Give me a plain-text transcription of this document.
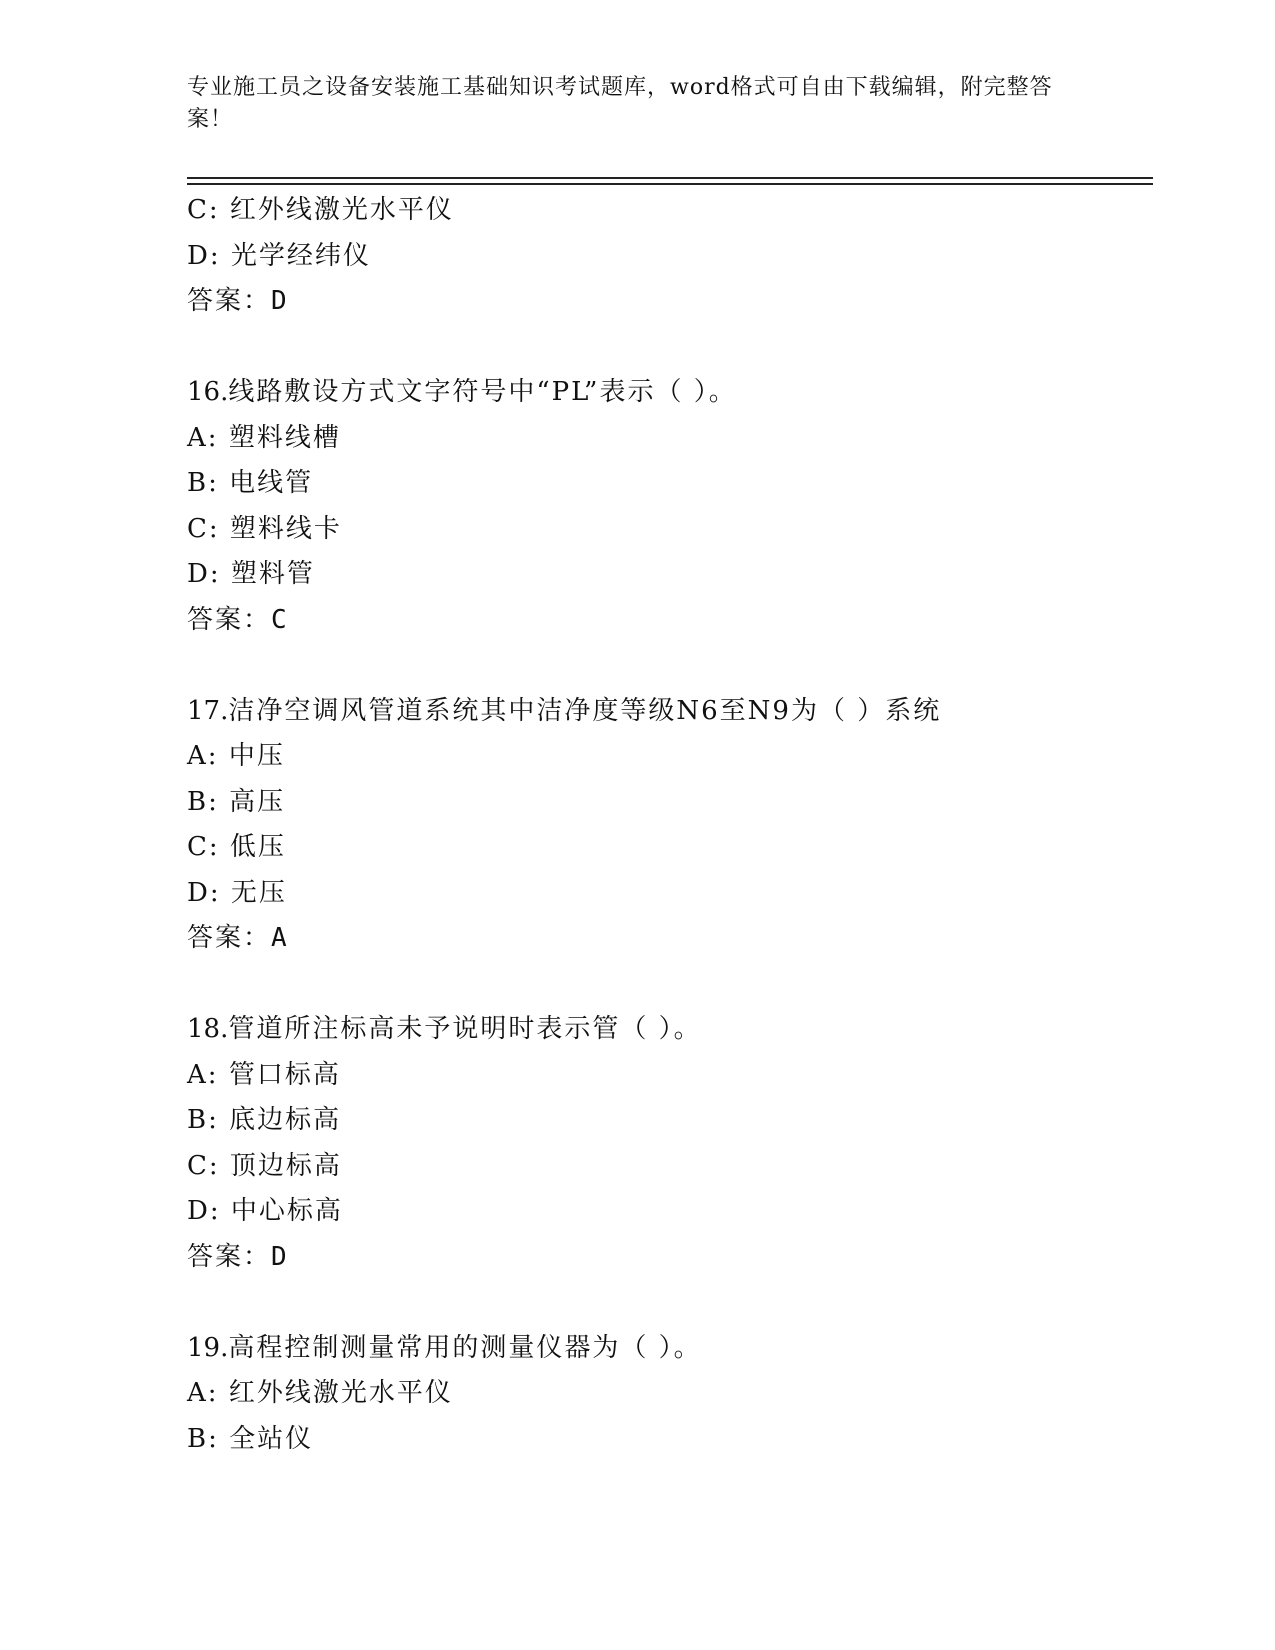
专业施工员之设备安装施工基础知识考试题库，word格式可自由下载编辑，附完整答案！
C: 红外线激光水平仪
D: 光学经纬仪
答案：D
16.线路敷设方式文字符号中“PL”表示（ ）。
A: 塑料线槽
B: 电线管
C: 塑料线卡
D: 塑料管
答案：C
17.洁净空调风管道系统其中洁净度等级N6至N9为（ ）系统
A: 中压
B: 高压
C: 低压
D: 无压
答案：A
18.管道所注标高未予说明时表示管（ ）。
A: 管口标高
B: 底边标高
C: 顶边标高
D: 中心标高
答案：D
19.高程控制测量常用的测量仪器为（ ）。
A: 红外线激光水平仪
B: 全站仪
